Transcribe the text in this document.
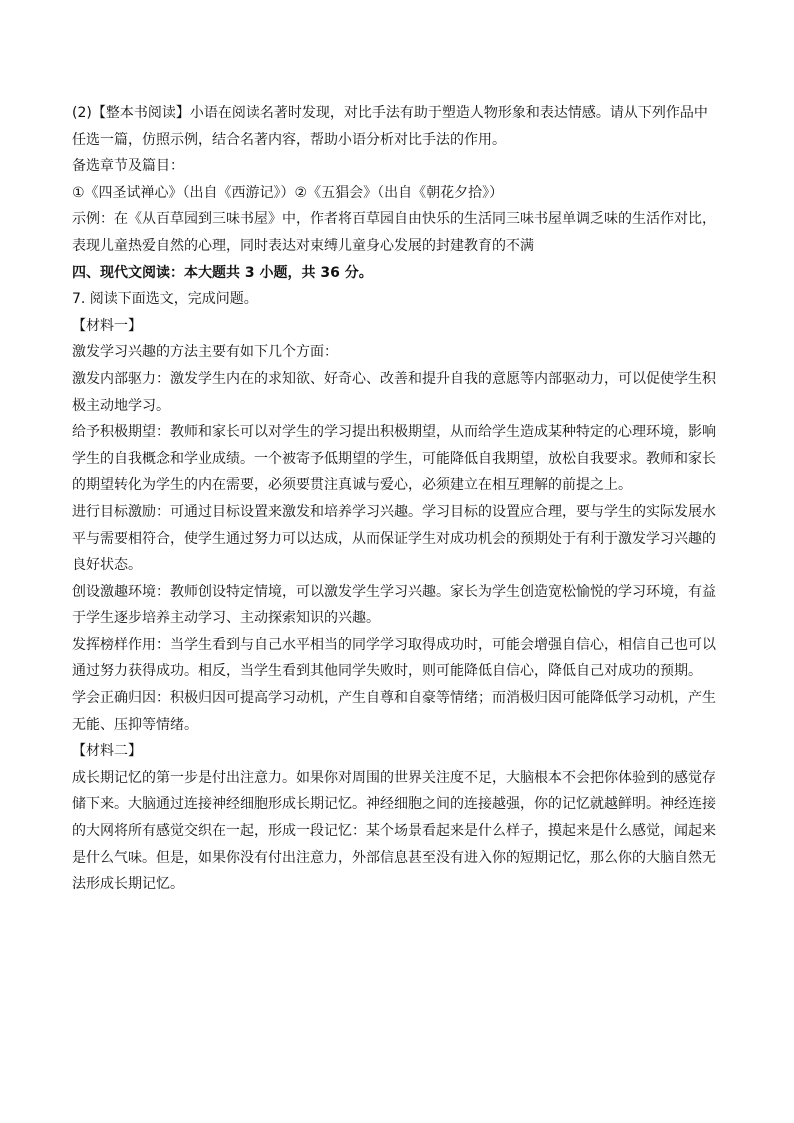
(2)【整本书阅读】小语在阅读名著时发现，对比手法有助于塑造人物形象和表达情感。请从下列作品中
任选一篇，仿照示例，结合名著内容，帮助小语分析对比手法的作用。
备选章节及篇目：
①《四圣试禅心》（出自《西游记》）②《五猖会》（出自《朝花夕拾》）
示例：在《从百草园到三味书屋》中，作者将百草园自由快乐的生活同三味书屋单调乏味的生活作对比，
表现儿童热爱自然的心理，同时表达对束缚儿童身心发展的封建教育的不满
四、现代文阅读：本大题共 3 小题，共 36 分。
7. 阅读下面选文，完成问题。
【材料一】
激发学习兴趣的方法主要有如下几个方面：
激发内部驱力：激发学生内在的求知欲、好奇心、改善和提升自我的意愿等内部驱动力，可以促使学生积
极主动地学习。
给予积极期望：教师和家长可以对学生的学习提出积极期望，从而给学生造成某种特定的心理环境，影响
学生的自我概念和学业成绩。一个被寄予低期望的学生，可能降低自我期望，放松自我要求。教师和家长
的期望转化为学生的内在需要，必须要贯注真诚与爱心，必须建立在相互理解的前提之上。
进行目标激励：可通过目标设置来激发和培养学习兴趣。学习目标的设置应合理，要与学生的实际发展水
平与需要相符合，使学生通过努力可以达成，从而保证学生对成功机会的预期处于有利于激发学习兴趣的
良好状态。
创设激趣环境：教师创设特定情境，可以激发学生学习兴趣。家长为学生创造宽松愉悦的学习环境，有益
于学生逐步培养主动学习、主动探索知识的兴趣。
发挥榜样作用：当学生看到与自己水平相当的同学学习取得成功时，可能会增强自信心，相信自己也可以
通过努力获得成功。相反，当学生看到其他同学失败时，则可能降低自信心，降低自己对成功的预期。
学会正确归因：积极归因可提高学习动机，产生自尊和自豪等情绪；而消极归因可能降低学习动机，产生
无能、压抑等情绪。
【材料二】
成长期记忆的第一步是付出注意力。如果你对周围的世界关注度不足，大脑根本不会把你体验到的感觉存
储下来。大脑通过连接神经细胞形成长期记忆。神经细胞之间的连接越强，你的记忆就越鲜明。神经连接
的大网将所有感觉交织在一起，形成一段记忆：某个场景看起来是什么样子，摸起来是什么感觉，闻起来
是什么气味。但是，如果你没有付出注意力，外部信息甚至没有进入你的短期记忆，那么你的大脑自然无
法形成长期记忆。
